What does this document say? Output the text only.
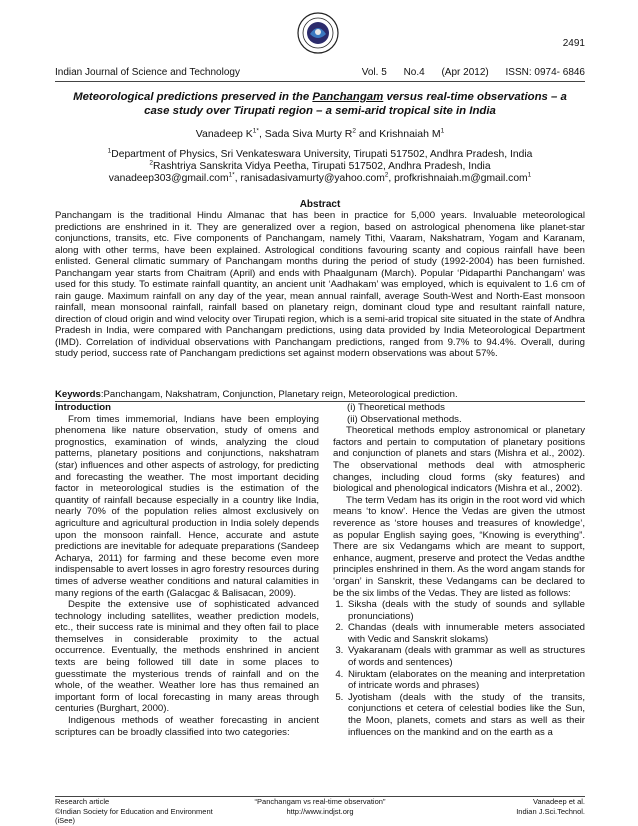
2491
Indian Journal of Science and Technology	Vol. 5 No.4 (Apr 2012) ISSN: 0974- 6846
Meteorological predictions preserved in the Panchangam versus real-time observations – a case study over Tirupati region – a semi-arid tropical site in India
Vanadeep $K^{1*}$, Sada Siva Murty $R^2$ and Krishnaiah $M^1$
$^1$Department of Physics, Sri Venkateswara University, Tirupati 517502, Andhra Pradesh, India
$^2$Rashtriya Sanskrita Vidya Peetha, Tirupati 517502, Andhra Pradesh, India
vanadeep303@gmail.com$^{1*}$, ranisadasivamurty@yahoo.com$^2$, profkrishnaiah.m@gmail.com$^1$
Abstract
Panchangam is the traditional Hindu Almanac that has been in practice for 5,000 years. Invaluable meteorological predictions are enshrined in it. They are generalized over a region, based on astrological phenomena like planet-star conjunctions, transits, etc. Five components of Panchangam, namely Tithi, Vaaram, Nakshatram, Yogam and Karanam, along with other terms, have been explained. Astrological conditions favouring scanty and copious rainfall have been enlisted. General climatic summary of Panchangam months during the period of study (1992-2004) has been furnished. Panchangam year starts from Chaitram (April) and ends with Phaalgunam (March). Popular ‘Pidaparthi Panchangam’ was used for this study. To estimate rainfall quantity, an ancient unit ‘Aadhakam’ was employed, which is equivalent to 1.6 cm of rain gauge. Maximum rainfall on any day of the year, mean annual rainfall, average South-West and North-East monsoon rainfall, mean monsoonal rainfall, rainfall based on planetary reign, dominant cloud type and resultant rainfall nature, direction of cloud origin and wind velocity over Tirupati region, which is a semi-arid tropical site situated in the state of Andhra Pradesh in India, were compared with Panchangam predictions, using data provided by India Meteorological Department (IMD). Correlation of individual observations with Panchangam predictions, ranged from 9.7% to 94.4%. Overall, during study period, success rate of Panchangam predictions set against modern observations was about 57%.
Keywords:Panchangam, Nakshatram, Conjunction, Planetary reign, Meteorological prediction.

Introduction

From times immemorial, Indians have been employing phenomena like nature observation, study of omens and prognostics, examination of winds, analyzing the cloud patterns, planetary positions and conjunctions, nakshatram (star) influences and other aspects of astrology, for predicting and forecasting the weather. The most important deciding factor in meteorological studies is the estimation of the quantity of rainfall because especially in a country like India, nearly 70% of the population relies almost exclusively on agriculture and agricultural production in India solely depends upon the monsoon rainfall. Hence, accurate and astute predictions are inevitable for adequate preparations (Sandeep Acharya, 2011) for farming and these become even more indispensable to avert losses in agro forestry resources during times of adverse weather conditions and natural calamities in many regions of the earth (Galacgac & Balisacan, 2009).

Despite the extensive use of sophisticated advanced technology including satellites, weather prediction models, etc., their success rate is minimal and they often fail to place themselves in considerable proximity to the actual occurrence. Eventually, the methods enshrined in ancient texts are being followed till date in some places to guesstimate the mysterious trends of rainfall and on the whole, of the weather. Weather lore has thus remained an important form of local forecasting in many areas through centuries (Burghart, 2000).

Indigenous methods of weather forecasting in ancient scriptures can be broadly classified into two categories:

(i) Theoretical methods

(ii) Observational methods.

Theoretical methods employ astronomical or planetary factors and pertain to computation of planetary positions and conjunction of planets and stars (Mishra et al., 2002). The observational methods deal with atmospheric changes, including cloud forms (sky features) and biological and phenological indicators (Mishra et al., 2002).

The term Vedam has its origin in the root word vid which means ‘to know’. Hence the Vedas are given the utmost reverence as ‘store houses and treasures of knowledge’, as popular English saying goes, “Knowing is everything”. There are six Vedangams which are meant to support, enhance, augment, preserve and protect the Vedas andthe principles enshrined in them. As the word angam stands for ‘organ’ in Sanskrit, these Vedangams can be declared to be the six limbs of the Vedas. They are listed as follows:

1. Siksha (deals with the study of sounds and syllable pronunciations)
2. Chandas (deals with innumerable meters associated with Vedic and Sanskrit slokams)
3. Vyakaranam (deals with grammar as well as structures of words and sentences)
4. Niruktam (elaborates on the meaning and interpretation of intricate words and phrases)
5. Jyotisham (deals with the study of the transits, conjunctions et cetera of celestial bodies like the Sun, the Moon, planets, comets and stars as well as their influences on the mankind and on the earth as a
Research article	“Panchangam vs real-time observation”	Vanadeep et al.
©Indian Society for Education and Environment (iSee)
http://www.indjst.org	Indian J.Sci.Technol.
